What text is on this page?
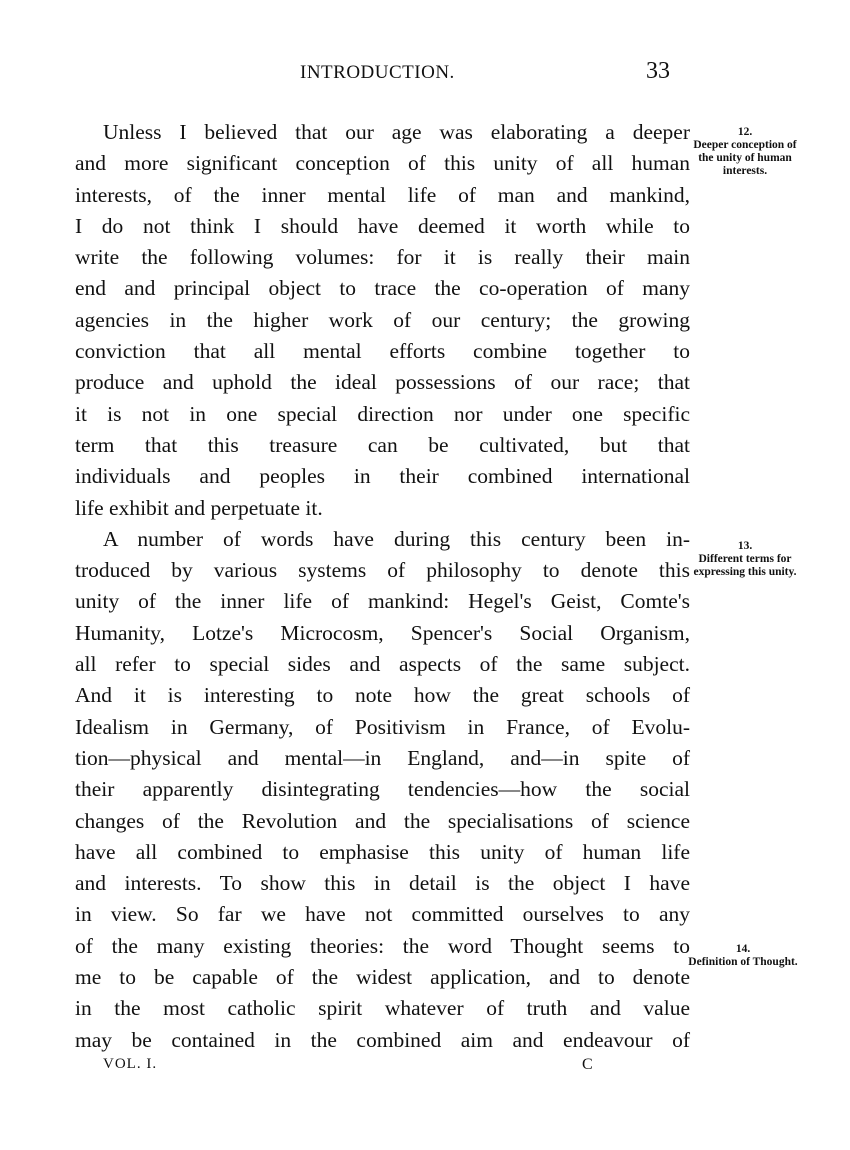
INTRODUCTION.	33
Unless I believed that our age was elaborating a deeper
and more significant conception of this unity of all human
interests, of the inner mental life of man and mankind,
I do not think I should have deemed it worth while to
write the following volumes: for it is really their main
end and principal object to trace the co-operation of many
agencies in the higher work of our century; the growing
conviction that all mental efforts combine together to
produce and uphold the ideal possessions of our race; that
it is not in one special direction nor under one specific
term that this treasure can be cultivated, but that
individuals and peoples in their combined international
life exhibit and perpetuate it.
A number of words have during this century been in-
troduced by various systems of philosophy to denote this
unity of the inner life of mankind: Hegel's Geist, Comte's
Humanity, Lotze's Microcosm, Spencer's Social Organism,
all refer to special sides and aspects of the same subject.
And it is interesting to note how the great schools of
Idealism in Germany, of Positivism in France, of Evolu-
tion—physical and mental—in England, and—in spite of
their apparently disintegrating tendencies—how the social
changes of the Revolution and the specialisations of science
have all combined to emphasise this unity of human life
and interests. To show this in detail is the object I have
in view. So far we have not committed ourselves to any
of the many existing theories: the word Thought seems to
me to be capable of the widest application, and to denote
in the most catholic spirit whatever of truth and value
may be contained in the combined aim and endeavour of
12.
Deeper conception of the unity of human interests.
13.
Different terms for expressing this unity.
14.
Definition of Thought.
VOL. I.	C
